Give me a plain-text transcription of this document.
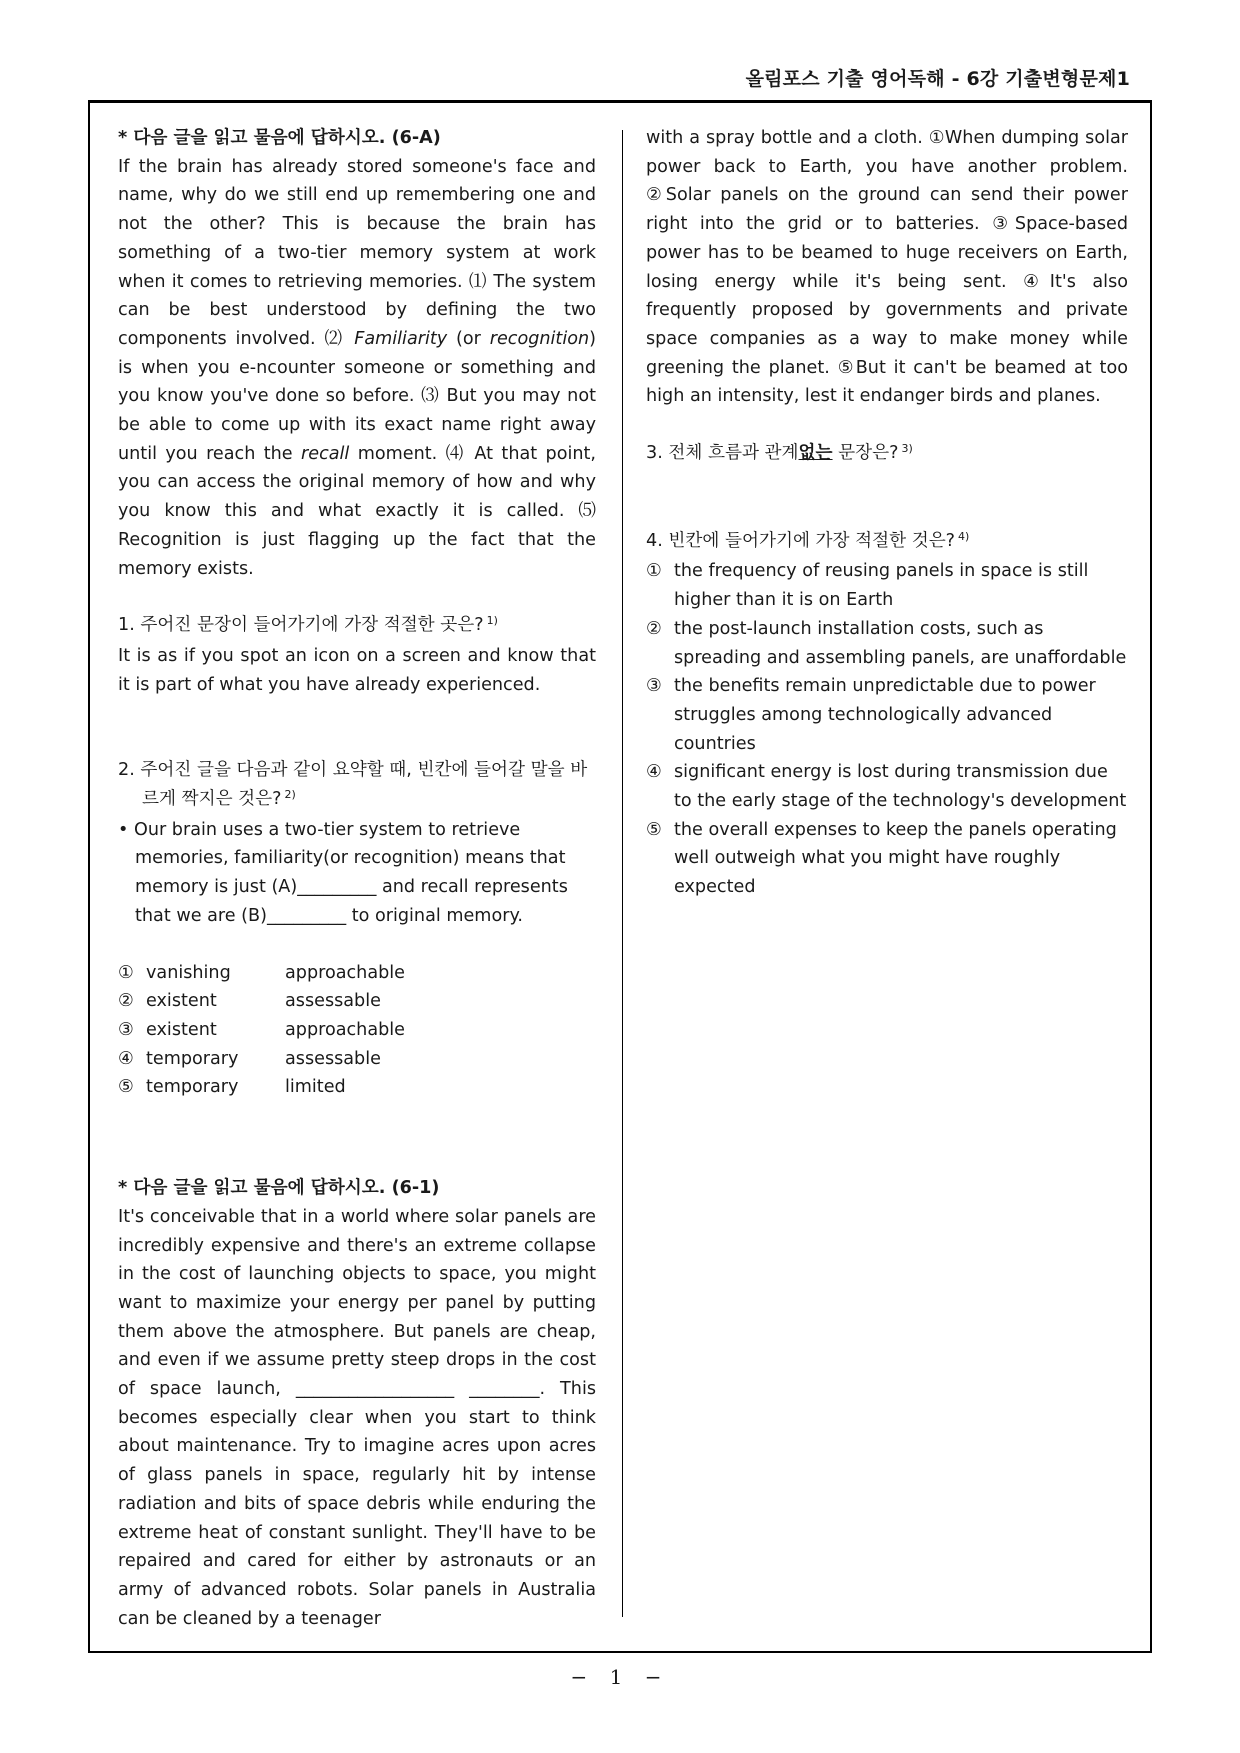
올림포스 기출 영어독해 - 6강 기출변형문제1

* 다음 글을 읽고 물음에 답하시오. (6-A)

If the brain has already stored someone's face and name, why do we still end up remembering one and not the other? This is because the brain has something of a two-tier memory system at work when it comes to retrieving memories. ⑴ The system can be best understood by defining the two components involved. ⑵ Familiarity (or recognition) is when you e-ncounter someone or something and you know you've done so before. ⑶ But you may not be able to come up with its exact name right away until you reach the recall moment. ⑷ At that point, you can access the original memory of how and why you know this and what exactly it is called. ⑸ Recognition is just flagging up the fact that the memory exists.

1. 주어진 문장이 들어가기에 가장 적절한 곳은? $^{1)}$

It is as if you spot an icon on a screen and know that it is part of what you have already experienced.

2. 주어진 글을 다음과 같이 요약할 때, 빈칸에 들어갈 말을 바르게 짝지은 것은? $^{2)}$

• Our brain uses a two-tier system to retrieve memories, familiarity(or recognition) means that memory is just (A)_________ and recall represents that we are (B)_________ to original memory.

①	vanishing	approachable
②	existent	assessable
③	existent	approachable
④	temporary	assessable
⑤	temporary	limited

* 다음 글을 읽고 물음에 답하시오. (6-1)

It's conceivable that in a world where solar panels are incredibly expensive and there's an extreme collapse in the cost of launching objects to space, you might want to maximize your energy per panel by putting them above the atmosphere. But panels are cheap, and even if we assume pretty steep drops in the cost of space launch, __________________ ________. This becomes especially clear when you start to think about maintenance. Try to imagine acres upon acres of glass panels in space, regularly hit by intense radiation and bits of space debris while enduring the extreme heat of constant sunlight. They'll have to be repaired and cared for either by astronauts or an army of advanced robots. Solar panels in Australia can be cleaned by a teenager

with a spray bottle and a cloth. ①When dumping solar power back to Earth, you have another problem. ②Solar panels on the ground can send their power right into the grid or to batteries. ③Space-based power has to be beamed to huge receivers on Earth, losing energy while it's being sent. ④It's also frequently proposed by governments and private space companies as a way to make money while greening the planet. ⑤But it can't be beamed at too high an intensity, lest it endanger birds and planes.

3. 전체 흐름과 관계없는 문장은? $^{3)}$

4. 빈칸에 들어가기에 가장 적절한 것은? $^{4)}$

① the frequency of reusing panels in space is still higher than it is on Earth
② the post-launch installation costs, such as spreading and assembling panels, are unaffordable
③ the benefits remain unpredictable due to power struggles among technologically advanced countries
④ significant energy is lost during transmission due to the early stage of the technology's development
⑤ the overall expenses to keep the panels operating well outweigh what you might have roughly expected
− 1 −
